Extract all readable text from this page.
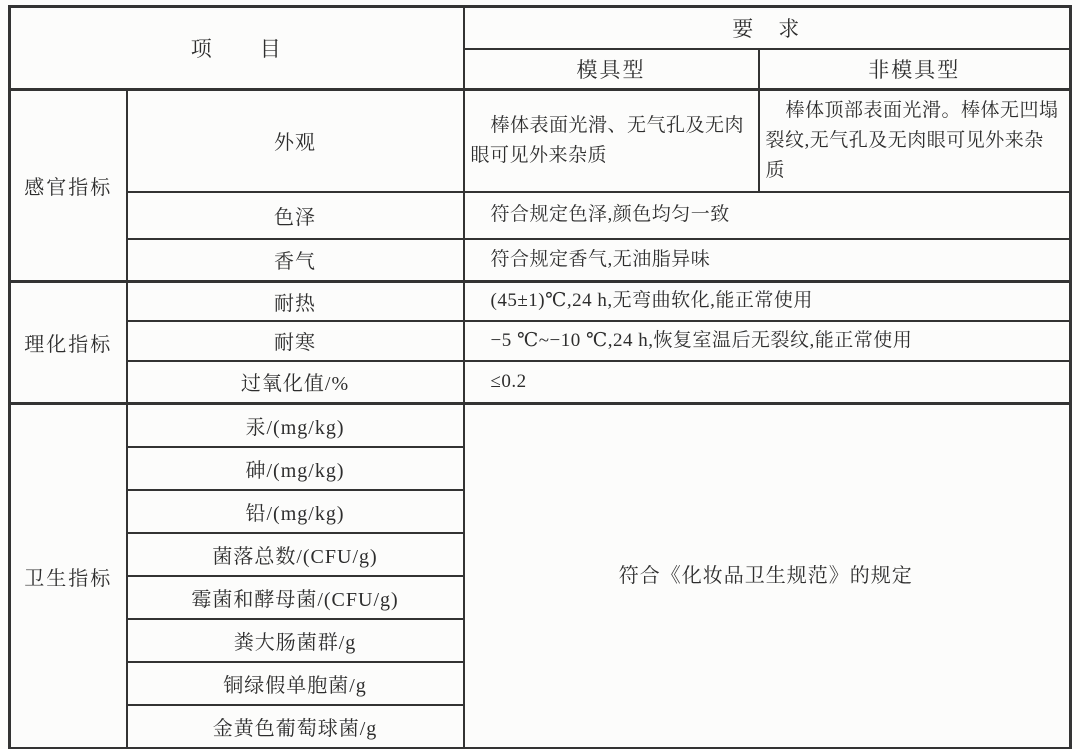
项　　目		要　求	
		模具型	非模具型
感官指标	外观	棒体表面光滑、无气孔及无肉眼可见外来杂质	棒体顶部表面光滑。棒体无凹塌裂纹,无气孔及无肉眼可见外来杂质
	色泽	符合规定色泽,颜色均匀一致	
	香气	符合规定香气,无油脂异味	
理化指标	耐热	(45±1)℃,24 h,无弯曲软化,能正常使用	
	耐寒	−5 ℃~−10 ℃,24 h,恢复室温后无裂纹,能正常使用	
	过氧化值/%	≤0.2	
卫生指标	汞/(mg/kg)	符合《化妆品卫生规范》的规定	
	砷/(mg/kg)		
	铅/(mg/kg)		
	菌落总数/(CFU/g)		
	霉菌和酵母菌/(CFU/g)		
	粪大肠菌群/g		
	铜绿假单胞菌/g		
	金黄色葡萄球菌/g		
